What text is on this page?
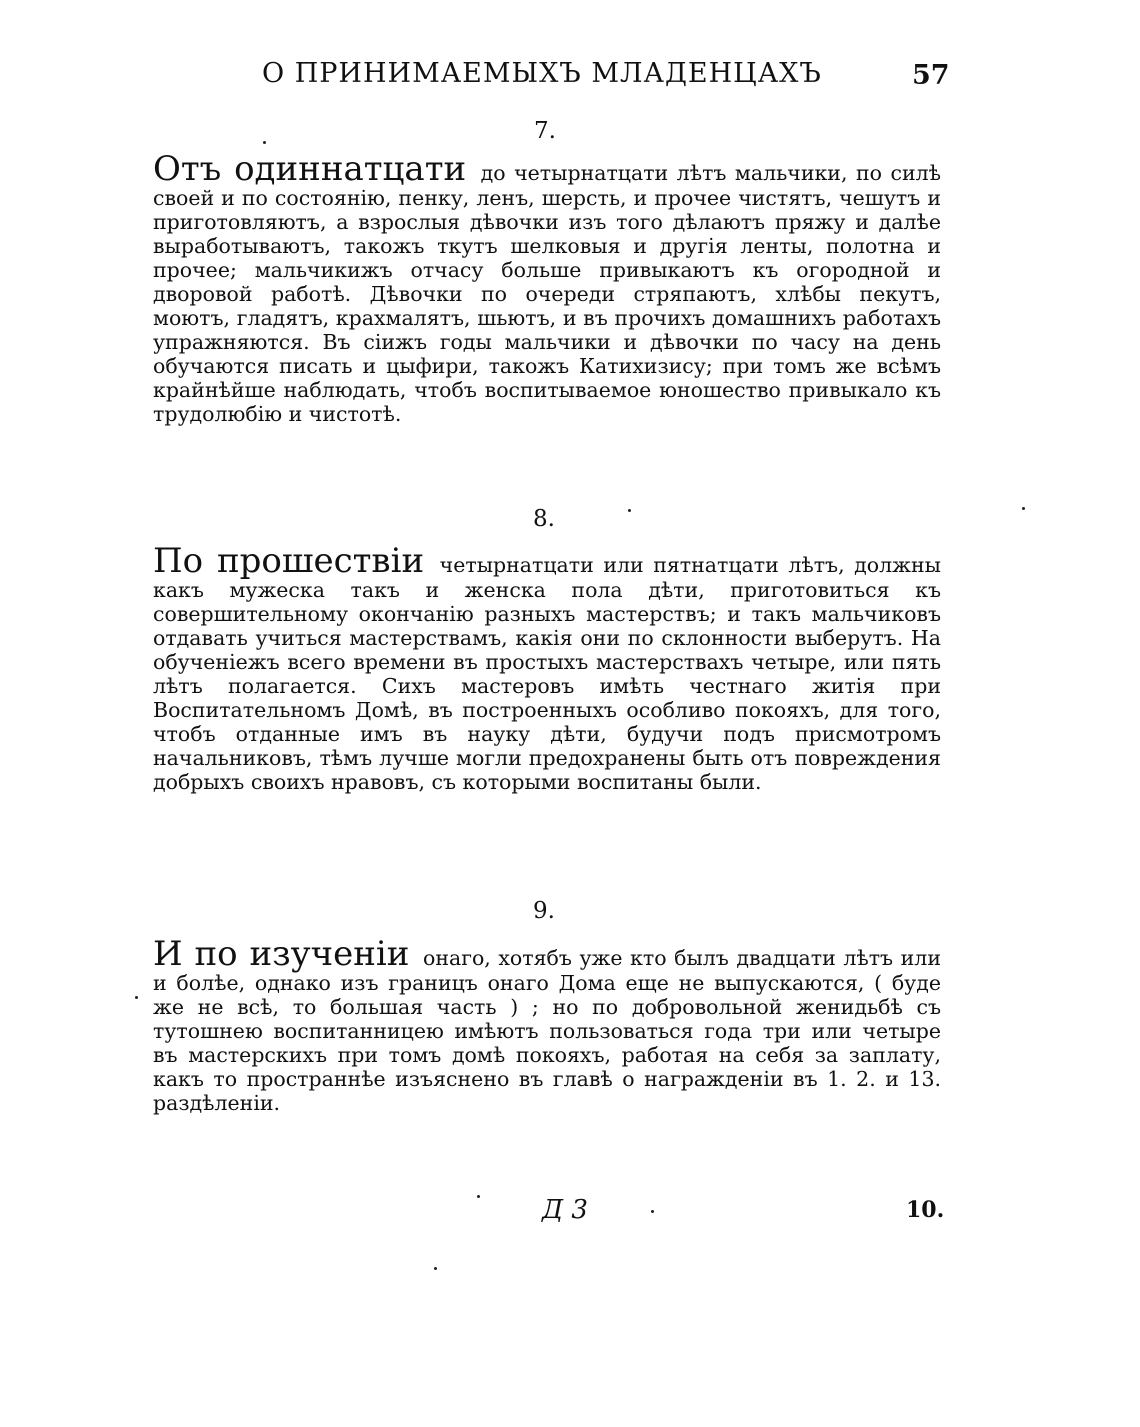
О ПРИНИМАЕМЫХЪ МЛАДЕНЦАХЪ	57
7.
Отъ одиннатцати до четырнатцати лѣтъ мальчики, по силѣ своей и по состоянію, пенку, ленъ, шерсть, и прочее чистятъ, чешутъ и приготовляютъ, а взрослыя дѣвочки изъ того дѣлаютъ пряжу и далѣе выработываютъ, такожъ ткутъ шелковыя и другія ленты, полотна и прочее; мальчикижъ отчасу больше привыкаютъ къ огородной и дворовой работѣ. Дѣвочки по очереди стряпаютъ, хлѣбы пекутъ, моютъ, гладятъ, крахмалятъ, шьютъ, и въ прочихъ домашнихъ работахъ упражняются. Въ сіижъ годы мальчики и дѣвочки по часу на день обучаются писать и цыфири, такожъ Катихизису; при томъ же всѣмъ крайнѣйше наблюдать, чтобъ воспитываемое юношество привыкало къ трудолюбію и чистотѣ.
8.
По прошествіи четырнатцати или пятнатцати лѣтъ, должны какъ мужеска такъ и женска пола дѣти, приготовиться къ совершительному окончанію разныхъ мастерствъ; и такъ мальчиковъ отдавать учиться мастерствамъ, какія они по склонности выберутъ. На обученіежъ всего времени въ простыхъ мастерствахъ четыре, или пять лѣтъ полагается. Сихъ мастеровъ имѣть честнаго житія при Воспитательномъ Домѣ, въ построенныхъ особливо покояхъ, для того, чтобъ отданные имъ въ науку дѣти, будучи подъ присмотромъ начальниковъ, тѣмъ лучше могли предохранены быть отъ повреждения добрыхъ своихъ нравовъ, съ которыми воспитаны были.
9.
И по изученіи онаго, хотябъ уже кто былъ двадцати лѣтъ или и болѣе, однако изъ границъ онаго Дома еще не выпускаются, ( буде же не всѣ, то большая часть ) ; но по добровольной женидьбѣ съ тутошнею воспитанницею имѣютъ пользоваться года три или четыре въ мастерскихъ при томъ домѣ покояхъ, работая на себя за заплату, какъ то пространнѣе изъяснено въ главѣ о награжденіи въ 1. 2. и 13. раздѣленіи.
Д 3	10.
